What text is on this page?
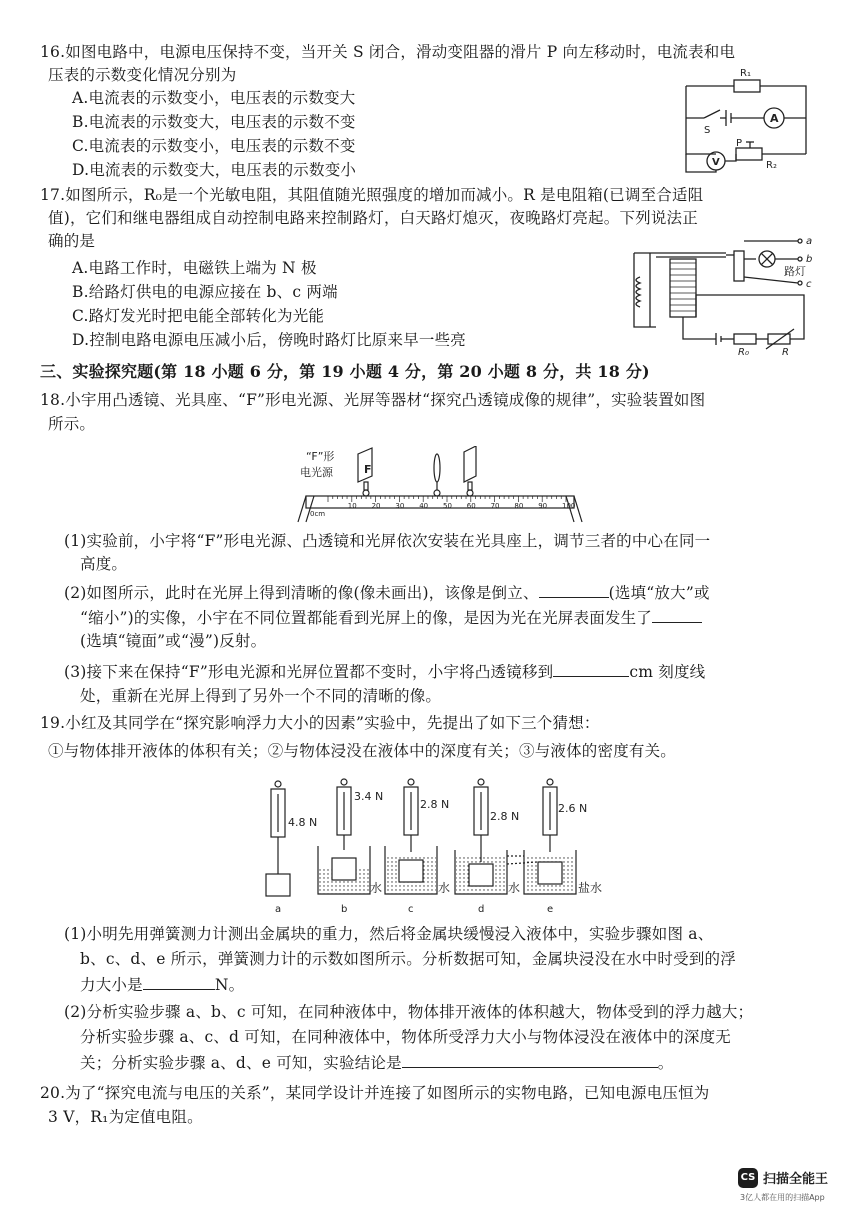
16.如图电路中，电源电压保持不变，当开关 S 闭合，滑动变阻器的滑片 P 向左移动时，电流表和电
压表的示数变化情况分别为
A.电流表的示数变小，电压表的示数变大
B.电流表的示数变大，电压表的示数不变
C.电流表的示数变小，电压表的示数不变
D.电流表的示数变大，电压表的示数变小
R₁
S
A
V
P
R₂
17.如图所示，R₀是一个光敏电阻，其阻值随光照强度的增加而减小。R 是电阻箱(已调至合适阻
值)，它们和继电器组成自动控制电路来控制路灯，白天路灯熄灭，夜晚路灯亮起。下列说法正
确的是
A.电路工作时，电磁铁上端为 N 极
B.给路灯供电的电源应接在 b、c 两端
C.路灯发光时把电能全部转化为光能
D.控制电路电源电压减小后，傍晚时路灯比原来早一些亮
a
b
路灯
c
R₀	R
三、实验探究题(第 18 小题 6 分，第 19 小题 4 分，第 20 小题 8 分，共 18 分)
18.小宇用凸透镜、光具座、“F”形电光源、光屏等器材“探究凸透镜成像的规律”，实验装置如图
所示。
“F”形
电光源	F
0cm
10 20 30 40 50 60 70 80 90 100
(1)实验前，小宇将“F”形电光源、凸透镜和光屏依次安装在光具座上，调节三者的中心在同一
高度。
(2)如图所示，此时在光屏上得到清晰的像(像未画出)，该像是倒立、	(选填“放大”或
“缩小”)的实像，小宇在不同位置都能看到光屏上的像，是因为光在光屏表面发生了
(选填“镜面”或“漫”)反射。
(3)接下来在保持“F”形电光源和光屏位置都不变时，小宇将凸透镜移到	cm 刻度线
处，重新在光屏上得到了另外一个不同的清晰的像。
19.小红及其同学在“探究影响浮力大小的因素”实验中，先提出了如下三个猜想：
①与物体排开液体的体积有关；②与物体浸没在液体中的深度有关；③与液体的密度有关。
4.8 N
3.4 N
2.8 N
2.8 N
2.6 N
水	水	水	盐水
a	b	c	d	e
(1)小明先用弹簧测力计测出金属块的重力，然后将金属块缓慢浸入液体中，实验步骤如图 a、
b、c、d、e 所示，弹簧测力计的示数如图所示。分析数据可知，金属块浸没在水中时受到的浮
力大小是	N。
(2)分析实验步骤 a、b、c 可知，在同种液体中，物体排开液体的体积越大，物体受到的浮力越大；
分析实验步骤 a、c、d 可知，在同种液体中，物体所受浮力大小与物体浸没在液体中的深度无
关；分析实验步骤 a、d、e 可知，实验结论是	。
20.为了“探究电流与电压的关系”，某同学设计并连接了如图所示的实物电路，已知电源电压恒为
3 V，R₁为定值电阻。
CS 扫描全能王
3亿人都在用的扫描App
